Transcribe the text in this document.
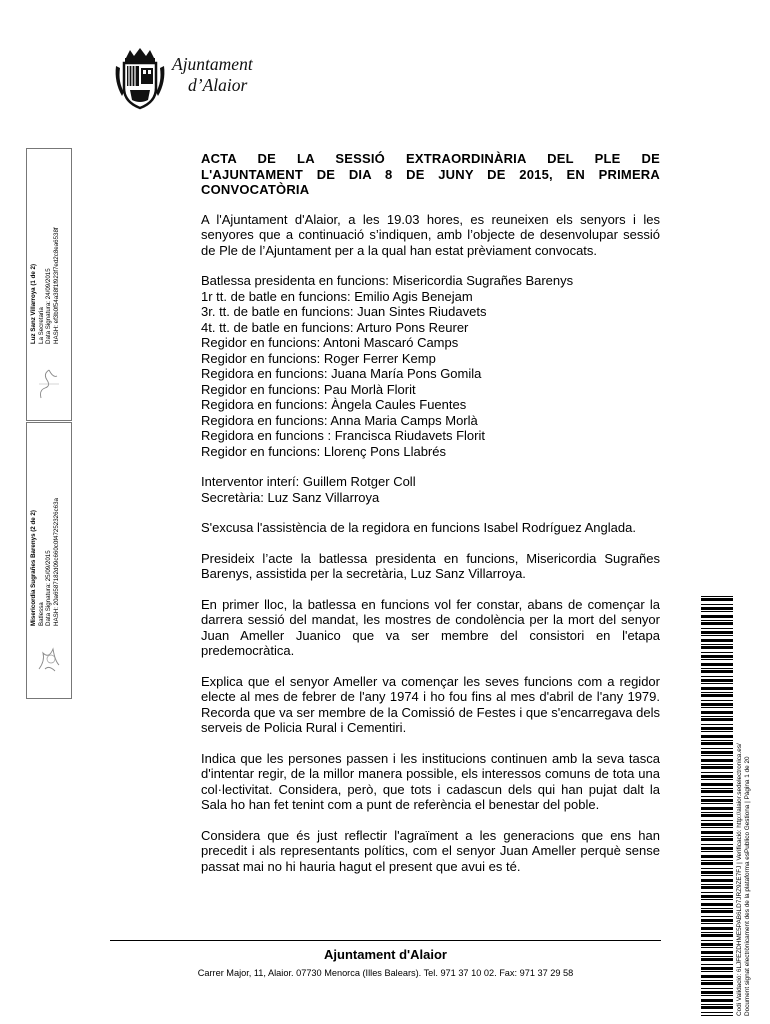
Ajuntament
d’Alaior
Luz Sanz Villarroya (1 de 2) La Secretaria Data Signatura: 24/09/2015 HASH: ef3b0f54a38f1f923f7ed2c8ea6538f
Misericordia Sugrañes Barenys (2 de 2) Batlessa Data Signatura: 25/09/2015 HASH: 20a6587182d09c660c0f47252326c63a
ACTA DE LA SESSIÓ EXTRAORDINÀRIA DEL PLE DE
L'AJUNTAMENT DE DIA 8 DE JUNY DE 2015, EN PRIMERA
CONVOCATÒRIA
A l'Ajuntament d'Alaior, a les 19.03 hores, es reuneixen els senyors i les senyores que a continuació s’indiquen, amb l’objecte de desenvolupar sessió de Ple de l’Ajuntament per a la qual han estat prèviament convocats.
Batlessa presidenta en funcions: Misericordia Sugrañes Barenys
1r tt. de batle en funcions: Emilio Agis Benejam
3r. tt. de batle en funcions: Juan Sintes Riudavets
4t. tt. de batle en funcions: Arturo Pons Reurer
Regidor en funcions: Antoni Mascaró Camps
Regidor en funcions: Roger Ferrer Kemp
Regidora en funcions: Juana María Pons Gomila
Regidor en funcions: Pau Morlà Florit
Regidora en funcions: Àngela Caules Fuentes
Regidora en funcions: Anna Maria Camps Morlà
Regidora en funcions : Francisca Riudavets Florit
Regidor en funcions: Llorenç Pons Llabrés
Interventor interí: Guillem Rotger Coll
Secretària: Luz Sanz Villarroya
S'excusa l'assistència de la regidora en funcions Isabel Rodríguez Anglada.
Presideix l’acte la batlessa presidenta en funcions, Misericordia Sugrañes Barenys, assistida per la secretària, Luz Sanz Villarroya.
En primer lloc, la batlessa en funcions vol fer constar, abans de començar la darrera sessió del mandat, les mostres de condolència per la mort del senyor Juan Ameller Juanico que va ser membre del consistori en l'etapa predemocràtica.
Explica que el senyor Ameller va començar les seves funcions com a regidor electe al mes de febrer de l'any 1974 i ho fou fins al mes d'abril de l'any 1979. Recorda que va ser membre de la Comissió de Festes i que s'encarregava dels serveis de Policia Rural i Cementiri.
Indica que les persones passen i les institucions continuen amb la seva tasca d'intentar regir, de la millor manera possible, els interessos comuns de tota una col·lectivitat. Considera, però, que tots i cadascun dels qui han pujat dalt la Sala ho han fet tenint com a punt de referència el benestar del poble.
Considera que és just reflectir l'agraïment a les generacions que ens han precedit i als representants polítics, com el senyor Juan Ameller perquè sense passat mai no hi hauria hagut el present que avui es té.
Ajuntament d'Alaior
Carrer Major, 11, Alaior. 07730 Menorca (Illes Balears). Tel. 971 37 10 02. Fax: 971 37 29 58	Codi Validació: 6LJFEZDHME5PAB6LD7JRZ9ZE7FJ | Verificació: http://alaior.sedelectronica.es/ Document signat electrònicament des de la plataforma esPublico Gestiona | Pàgina 1 de 20
